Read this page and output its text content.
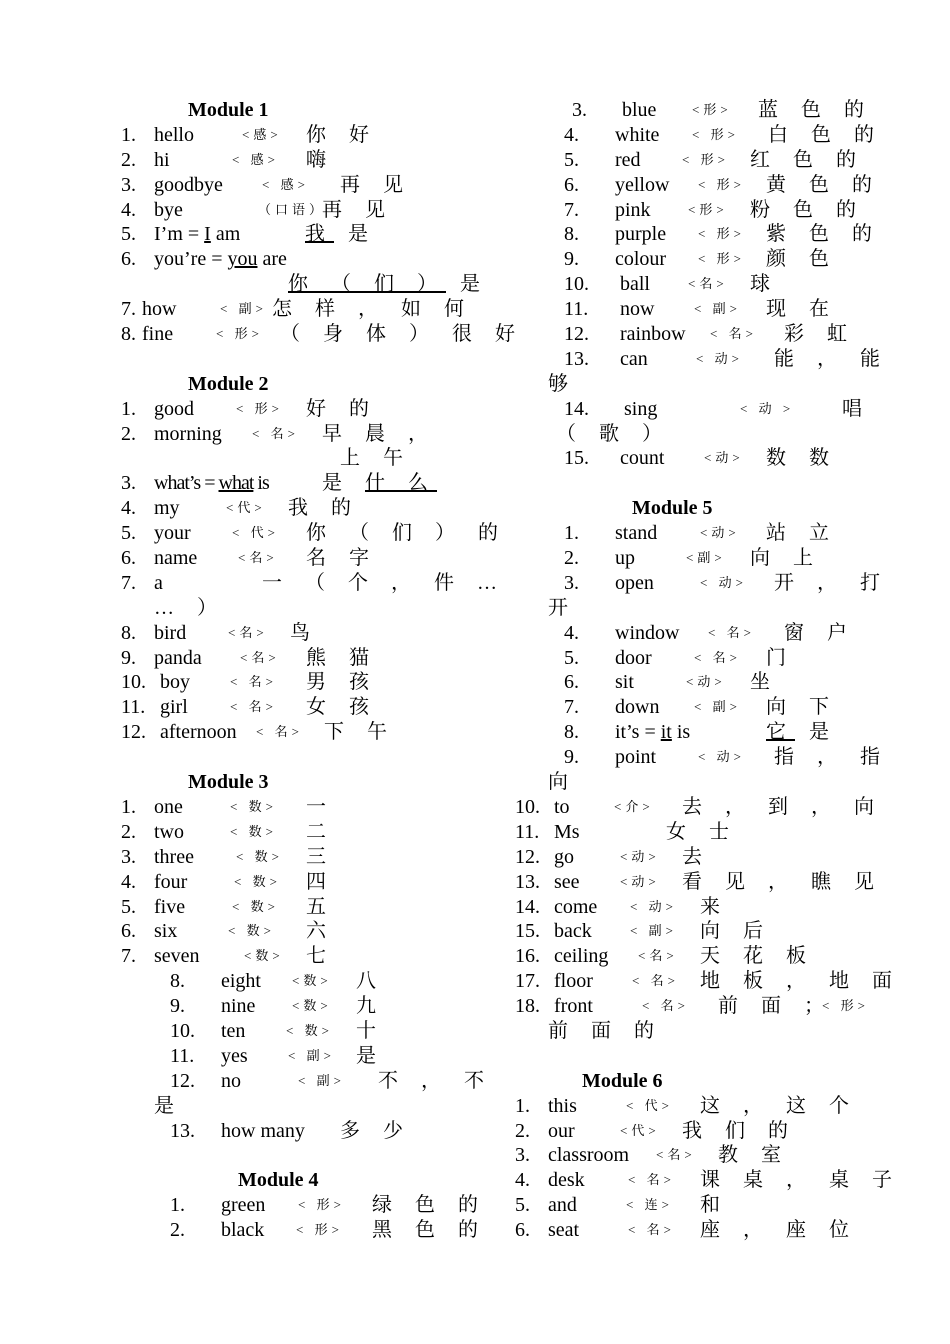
Module 1
1. hello	<感> 你 好
2. hi	< 感> 嗨
3. goodbye	< 感> 再 见
4. bye	（口语）
再 见
5. I’m = I am	我 是
6. you’re = you are
你 （ 们 ） 是
7. how	< 副> 怎 样 ， 如 何
8. fine	< 形> （ 身 体 ） 很 好
Module 2
1. good	< 形> 好 的
2. morning < 名> 早 晨 ，
上 午
3. what’s = what is	是 什 么
4. my	<代> 我 的
5. your	< 代> 你 （ 们 ） 的
6. name	<名> 名 字
7. a	一 （ 个 ， 件 …
… ）
8. bird	<名> 鸟
9. panda	<名> 熊 猫
10. boy	< 名> 男 孩
11. girl	< 名> 女 孩
12. afternoon < 名> 下 午
Module 3
1. one	< 数> 一
2. two	< 数> 二
3. three	< 数> 三
4. four	< 数> 四
5. five	< 数> 五
6. six	< 数> 六
7. seven	<数> 七
8. eight <数> 八
9. nine	<数> 九
10. ten	< 数> 十
11. yes	< 副> 是
12. no	< 副> 不 ， 不
是
13. how many 多 少
Module 4
1. green	< 形> 绿 色 的
2. black < 形> 黑 色 的
3. blue	<形> 蓝 色 的
4. white	< 形> 白 色 的
5. red	< 形> 红 色 的
6. yellow < 形> 黄 色 的
7. pink	<形> 粉 色 的
8. purple < 形> 紫 色 的
9. colour < 形> 颜 色
10. ball	<名> 球
11. now	< 副> 现 在
12. rainbow < 名> 彩 虹
13. can	< 动> 能 ， 能
够
14. sing	< 动 > 唱
（ 歌 ）
15. count	<动> 数 数
Module 5
1. stand	<动> 站 立
2. up	<副> 向 上
3. open	< 动> 开 ， 打
开
4. window < 名> 窗 户
5. door	< 名> 门
6. sit	<动> 坐
7. down	< 副> 向 下
8. it’s = it is	它 是
9. point	< 动> 指 ， 指
向
10. to	<介> 去 ， 到 ， 向
11. Ms	女 士
12. go	<动> 去
13. see	<动> 看 见 ， 瞧 见
14. come	< 动> 来
15. back	< 副> 向 后
16. ceiling <名> 天 花 板
17. floor	< 名> 地 板 ， 地 面
18. front	< 名> 前 面 ；
< 形>
前 面 的
Module 6
1. this	< 代> 这 ， 这 个
2. our	<代> 我 们 的
3. classroom <名> 教 室
4. desk	< 名> 课 桌 ， 桌 子
5. and	< 连> 和
6. seat	< 名> 座 ， 座 位
